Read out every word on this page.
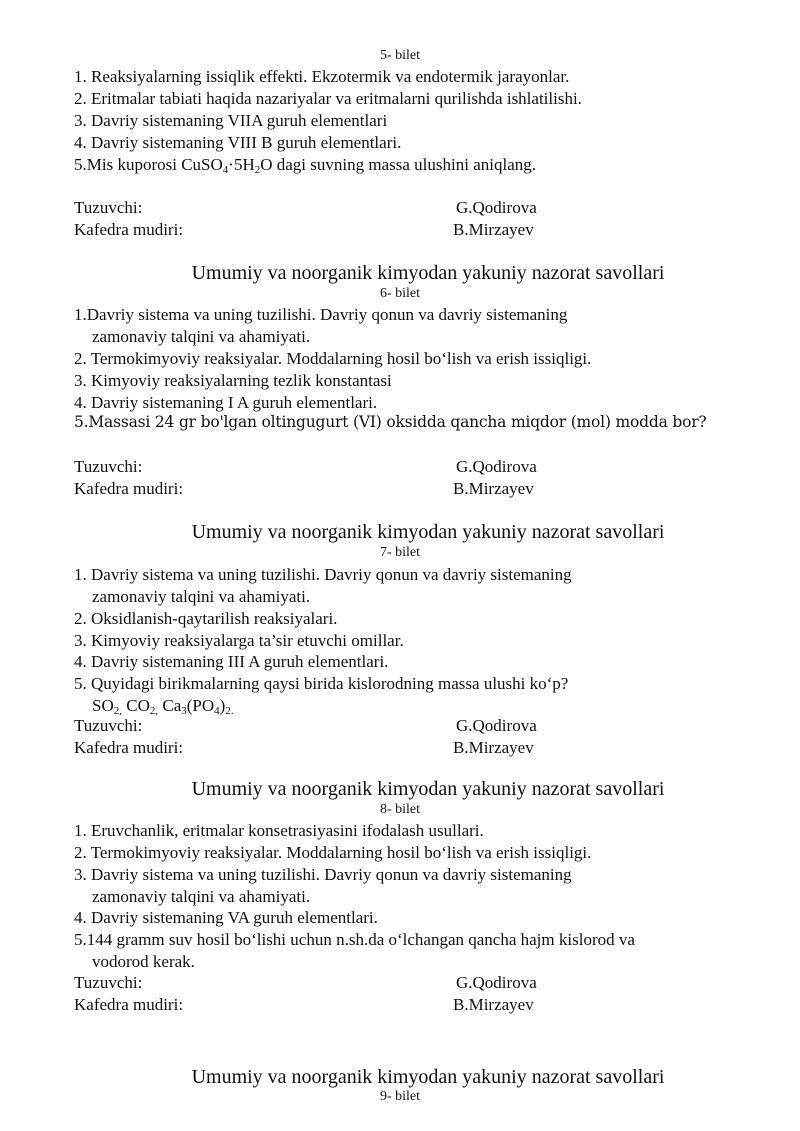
5- bilet
1. Reaksiyalarning issiqlik effekti. Ekzotermik va endotermik jarayonlar.
2. Eritmalar tabiati haqida nazariyalar va eritmalarni qurilishda ishlatilishi.
3. Davriy sistemaning VIIA guruh elementlari
4. Davriy sistemaning VIII B guruh elementlari.
5.Mis kuporosi $CuSO_4\cdot 5H_2O$ dagi suvning massa ulushini aniqlang.
Tuzuvchi:	G.Qodirova
Kafedra mudiri:	B.Mirzayev
Umumiy va noorganik kimyodan yakuniy nazorat savollari
6- bilet
1.Davriy sistema va uning tuzilishi. Davriy qonun va davriy sistemaning
zamonaviy talqini va ahamiyati.
2. Termokimyoviy reaksiyalar. Moddalarning hosil bo‘lish va erish issiqligi.
3. Kimyoviy reaksiyalarning tezlik konstantasi
4. Davriy sistemaning I A guruh elementlari.
5.Massasi 24 gr bo'lgan oltingugurt (VI) oksidda qancha miqdor (mol) modda bor?
Tuzuvchi:	G.Qodirova
Kafedra mudiri:	B.Mirzayev
Umumiy va noorganik kimyodan yakuniy nazorat savollari
7- bilet
1. Davriy sistema va uning tuzilishi. Davriy qonun va davriy sistemaning
zamonaviy talqini va ahamiyati.
2. Oksidlanish-qaytarilish reaksiyalari.
3. Kimyoviy reaksiyalarga ta’sir etuvchi omillar.
4. Davriy sistemaning III A guruh elementlari.
5. Quyidagi birikmalarning qaysi birida kislorodning massa ulushi ko‘p?
$SO_{2,}$ $CO_{2,}$ $Ca_3(PO_4)_{2.}$
Tuzuvchi:	G.Qodirova
Kafedra mudiri:	B.Mirzayev
Umumiy va noorganik kimyodan yakuniy nazorat savollari
8- bilet
1. Eruvchanlik, eritmalar konsetrasiyasini ifodalash usullari.
2. Termokimyoviy reaksiyalar. Moddalarning hosil bo‘lish va erish issiqligi.
3. Davriy sistema va uning tuzilishi. Davriy qonun va davriy sistemaning
zamonaviy talqini va ahamiyati.
4. Davriy sistemaning VA guruh elementlari.
5.144 gramm suv hosil bo‘lishi uchun n.sh.da o‘lchangan qancha hajm kislorod va
vodorod kerak.
Tuzuvchi:	G.Qodirova
Kafedra mudiri:	B.Mirzayev
Umumiy va noorganik kimyodan yakuniy nazorat savollari
9- bilet
